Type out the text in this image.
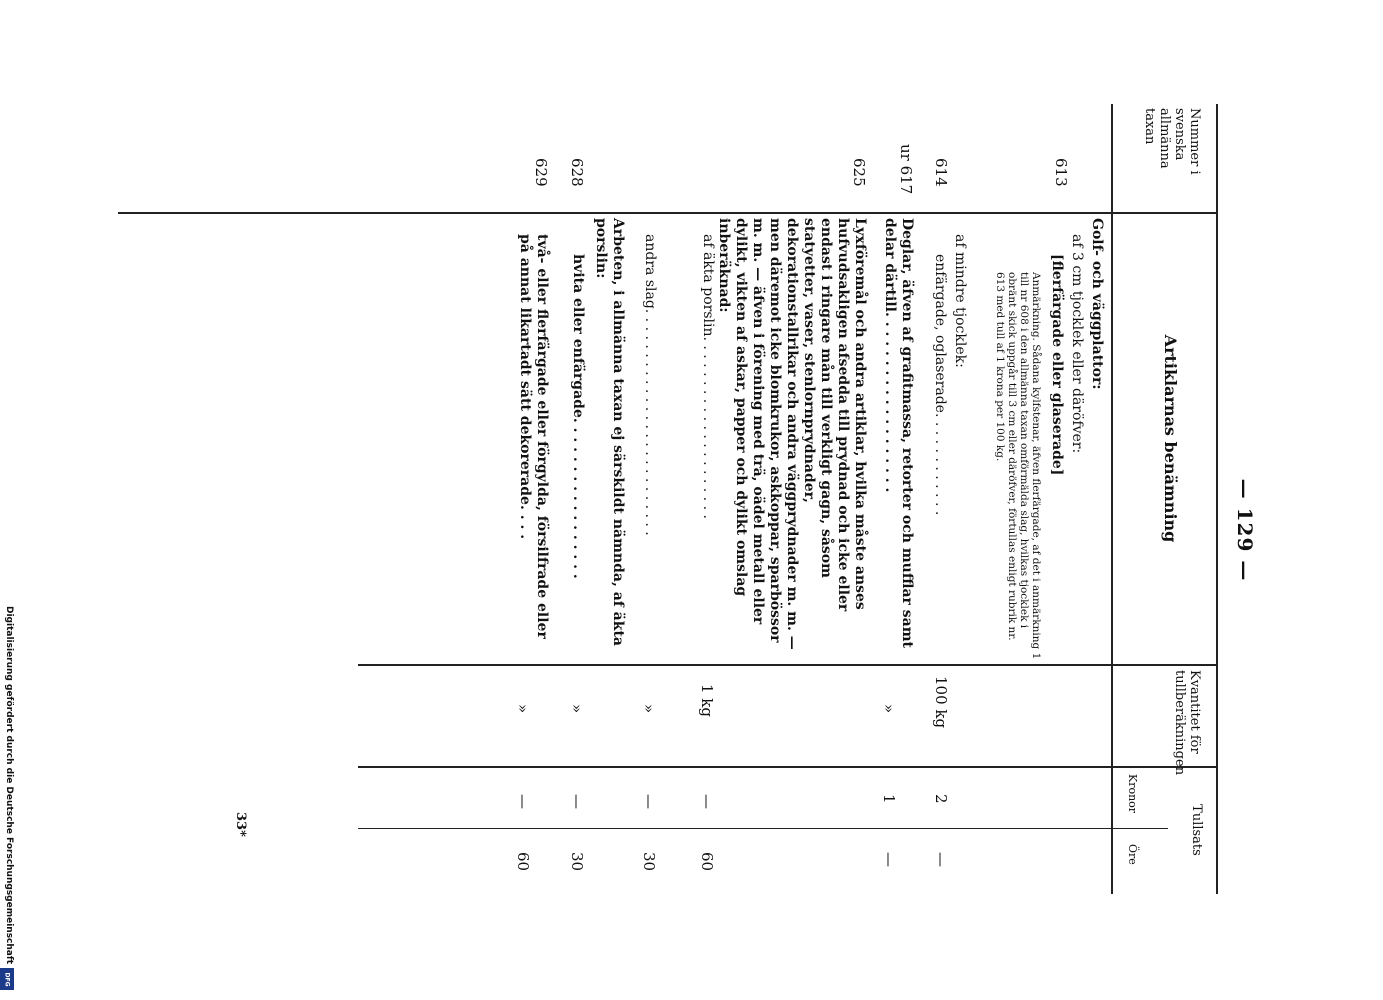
— 129 —
Nummer i svenska allmänna taxan
Artiklarnas benämning
Kvantitet för tullberäkningen
Tullsats
Kronor
Öre
613
Golf- och väggplattor:
af 3 cm tjocklek eller däröfver:
[flerfärgade eller glaserade]
Anmärkning. Sådana kylfstenar, äfven flerfärgade, af det i anmärkning 1 till nr 608 i den allmänna taxan omförmälda slag, hvilkas tjocklek i obränt skick uppgår till 3 cm eller däröfver, förtullas enligt rubrik nr. 613 med tull af 1 krona per 100 kg.
af mindre tjocklek:
614
enfärgade, oglaserade. . . . . . . . . . . .
100 kg
2
—
ur 617
Deglar, äfven af grafitmassa, retorter och mufflar samt delar därtill. . . . . . . . . . . . . . . . . . .
»
1
—
625
Lyxföremål och andra artiklar, hvilka måste anses hufvudsakligen afsedda till prydnad och icke eller endast i ringare mån till verkligt gagn, såsom statyetter, vaser, stenlornprydnader, dekorationstallrikar och andra väggprydnader m. m. — men däremot icke blomkrukor, askkoppar, sparbössor m. m. — äfven i förening med trä, oädel metall eller dylikt, vikten af askar, papper och dylikt omslag inberäknad:
af äkta porslin. . . . . . . . . . . . . . . . . . . . .
1 kg
—
60
andra slag. . . . . . . . . . . . . . . . . . . . . . . . . .
»
—
30
Arbeten, i allmänna taxan ej särskildt nämnda, af äkta porslin:
628
hvita eller enfärgade. . . . . . . . . . . . . . . . .
»
—
30
629
två- eller flerfärgade eller förgylda, försilfrade eller på annat likartadt sätt dekorerade. . . .
»
—
60
33*
Digitalisierung gefördert durch die Deutsche Forschungsgemeinschaft
DFG
